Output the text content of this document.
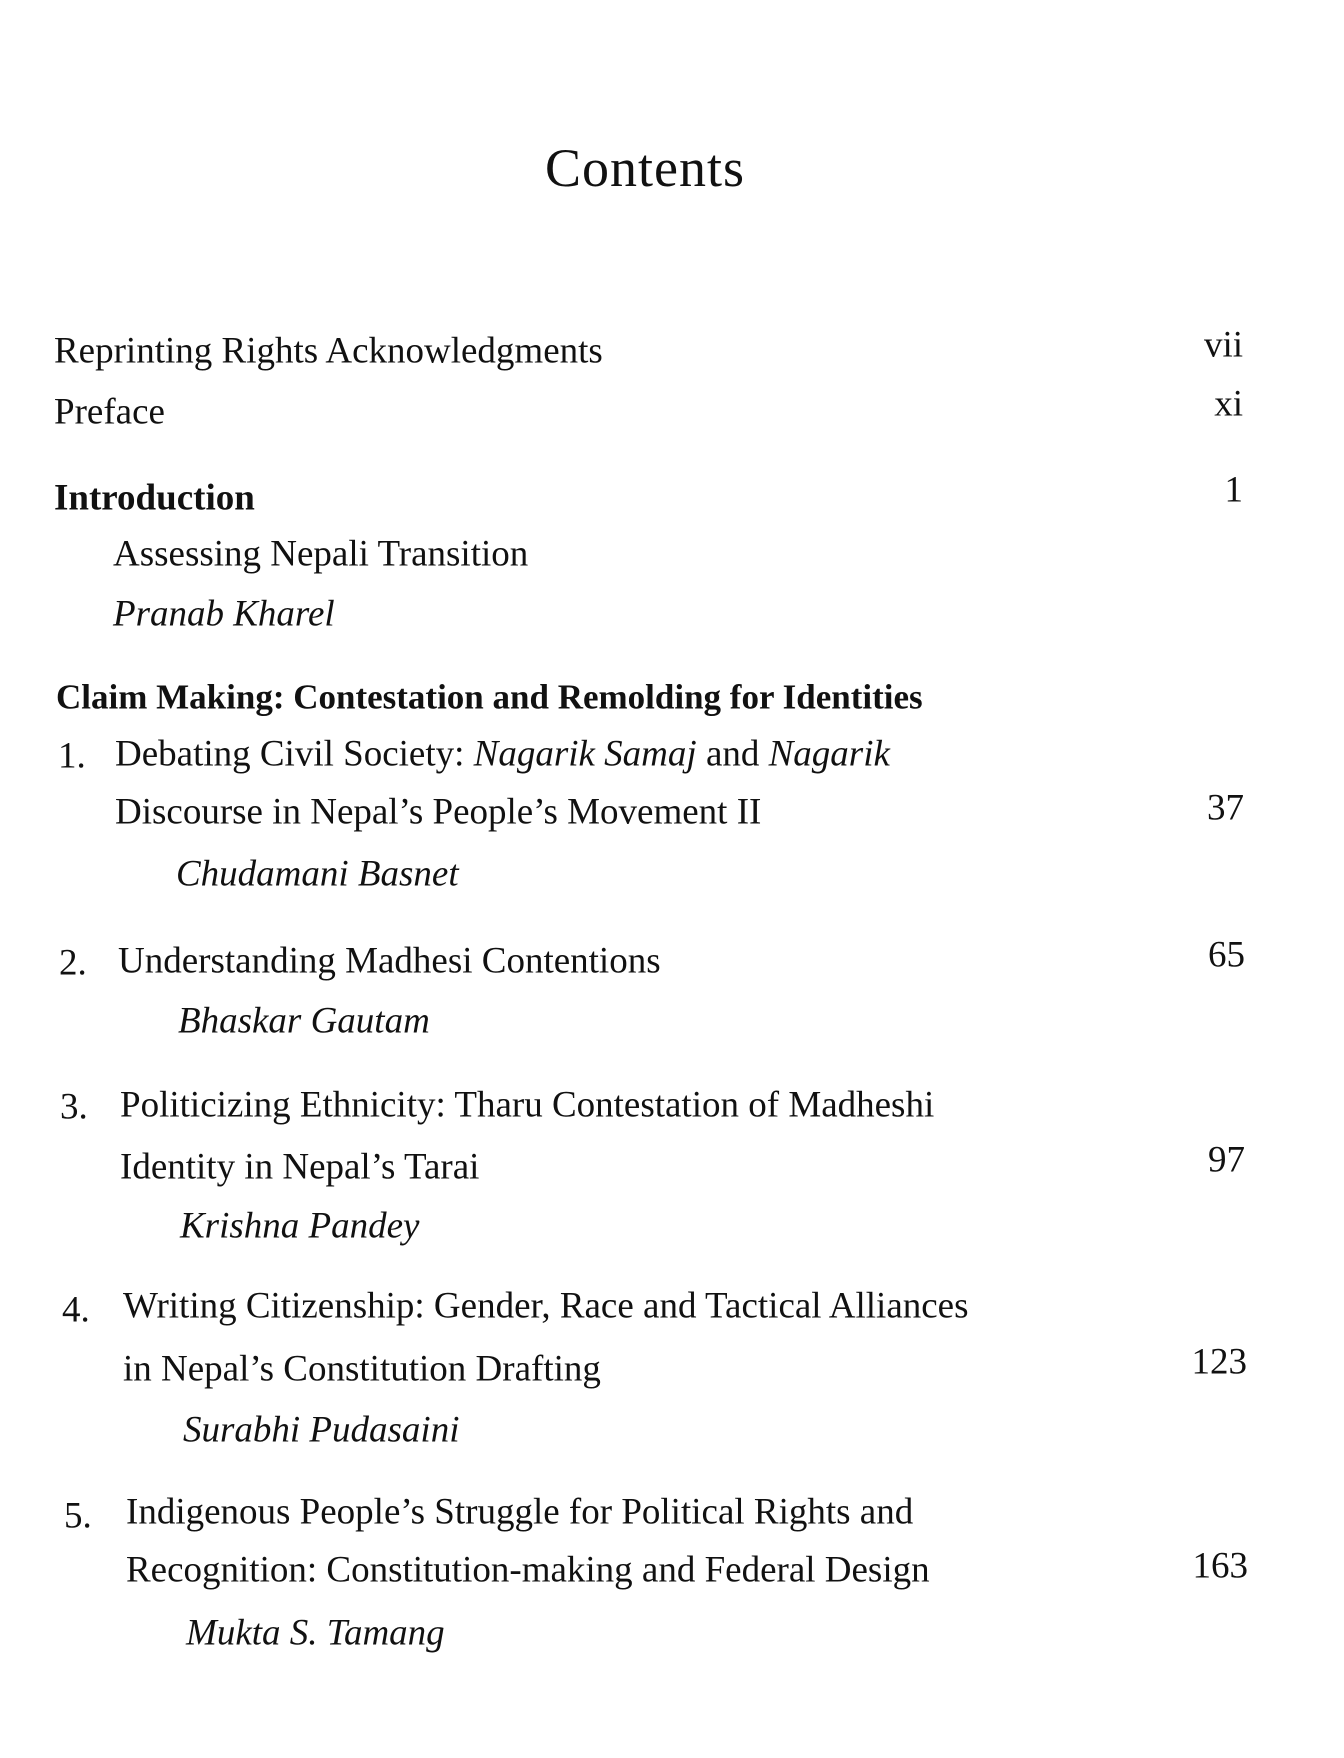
Contents
Reprinting Rights Acknowledgments	vii
Preface	xi
Introduction	1
Assessing Nepali Transition
Pranab Kharel
Claim Making: Contestation and Remolding for Identities
1. Debating Civil Society: Nagarik Samaj and Nagarik
Discourse in Nepal’s People’s Movement II	37
Chudamani Basnet
2. Understanding Madhesi Contentions	65
Bhaskar Gautam
3. Politicizing Ethnicity: Tharu Contestation of Madheshi
Identity in Nepal’s Tarai	97
Krishna Pandey
4. Writing Citizenship: Gender, Race and Tactical Alliances
in Nepal’s Constitution Drafting	123
Surabhi Pudasaini
5. Indigenous People’s Struggle for Political Rights and
Recognition: Constitution-making and Federal Design	163
Mukta S. Tamang
